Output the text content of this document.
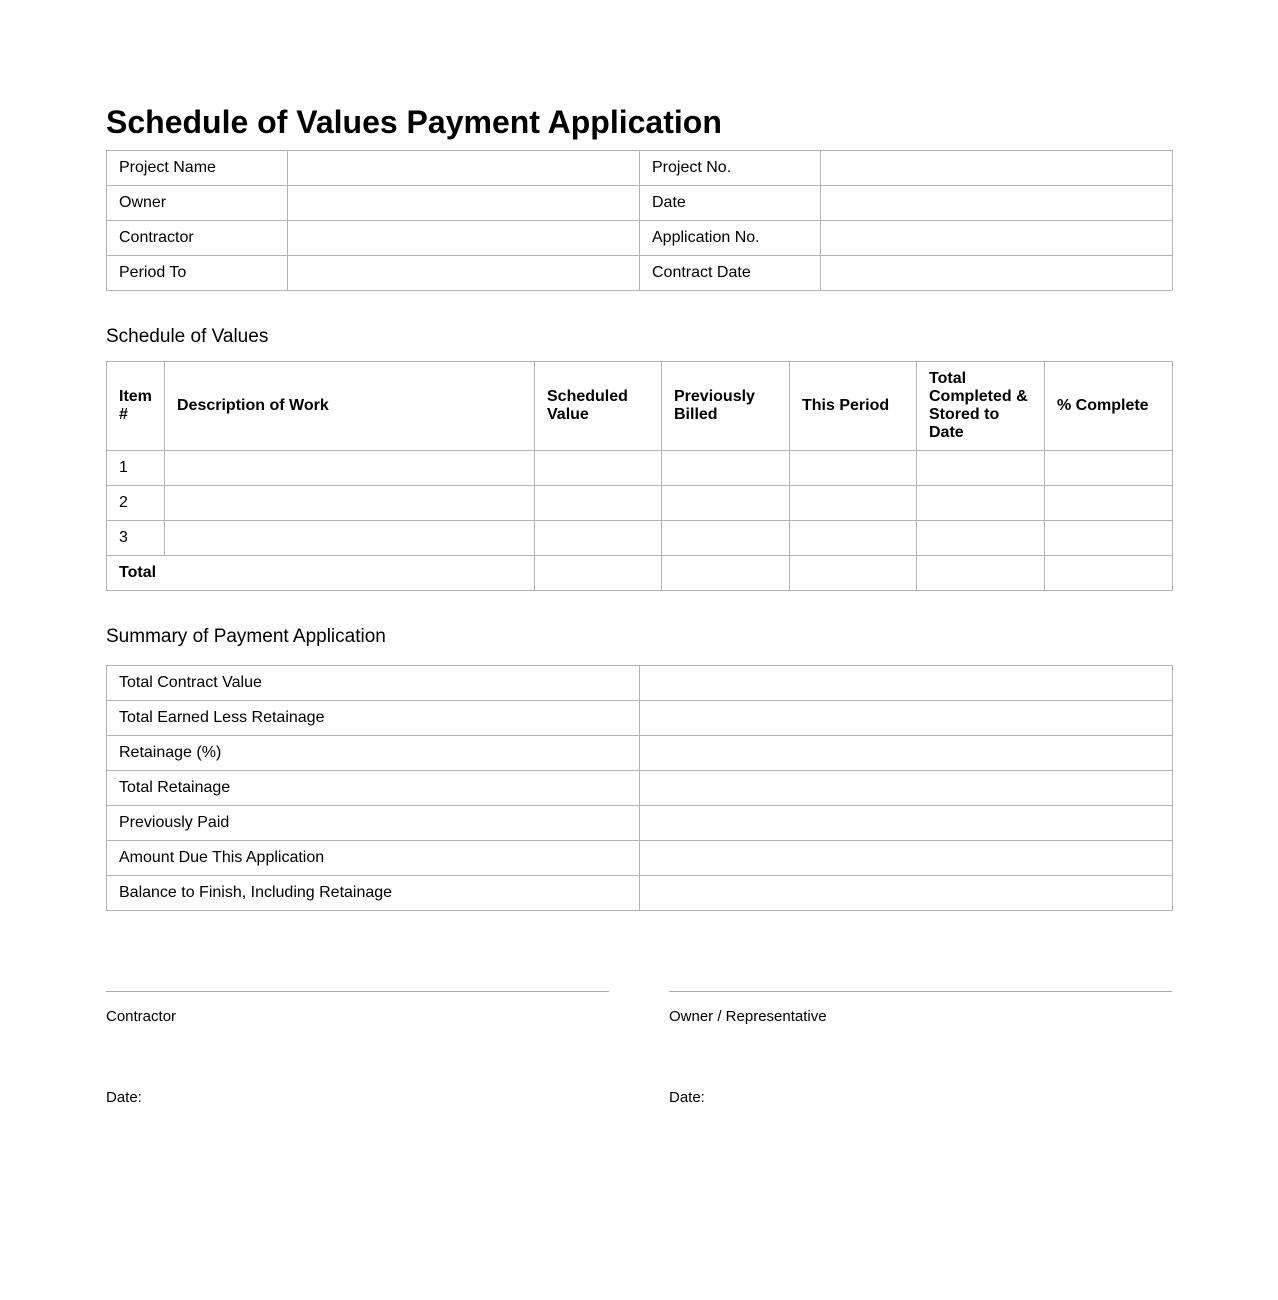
Schedule of Values Payment Application
Project Name		Project No.	
Owner		Date	
Contractor		Application No.	
Period To		Contract Date	
Schedule of Values
Item #	Description of Work	Scheduled Value	Previously Billed	This Period	Total Completed & Stored to Date	% Complete
1						
2						
3						
Total						
Summary of Payment Application
Total Contract Value	
Total Earned Less Retainage	
Retainage (%)	
Total Retainage	
Previously Paid	
Amount Due This Application	
Balance to Finish, Including Retainage	
Contractor
Date:
Owner / Representative
Date:
